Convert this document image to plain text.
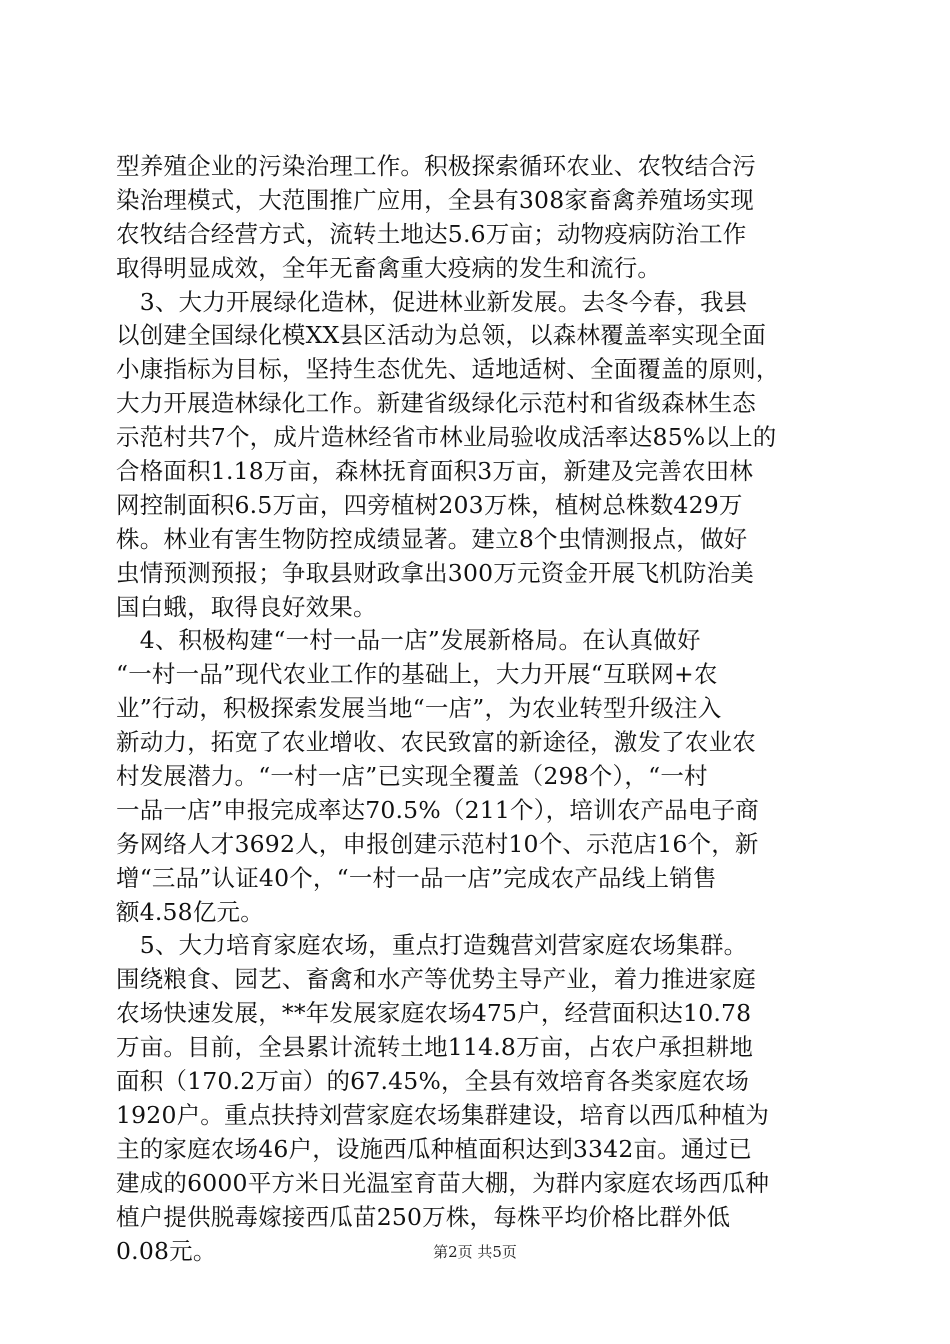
型养殖企业的污染治理工作。积极探索循环农业、农牧结合污
染治理模式，大范围推广应用，全县有308家畜禽养殖场实现
农牧结合经营方式，流转土地达5.6万亩；动物疫病防治工作
取得明显成效，全年无畜禽重大疫病的发生和流行。
　3、大力开展绿化造林，促进林业新发展。去冬今春，我县
以创建全国绿化模XX县区活动为总领，以森林覆盖率实现全面
小康指标为目标，坚持生态优先、适地适树、全面覆盖的原则，
大力开展造林绿化工作。新建省级绿化示范村和省级森林生态
示范村共7个，成片造林经省市林业局验收成活率达85%以上的
合格面积1.18万亩，森林抚育面积3万亩，新建及完善农田林
网控制面积6.5万亩，四旁植树203万株，植树总株数429万
株。林业有害生物防控成绩显著。建立8个虫情测报点，做好
虫情预测预报；争取县财政拿出300万元资金开展飞机防治美
国白蛾，取得良好效果。
　4、积极构建“一村一品一店”发展新格局。在认真做好
“一村一品”现代农业工作的基础上，大力开展“互联网+农
业”行动，积极探索发展当地“一店”，为农业转型升级注入
新动力，拓宽了农业增收、农民致富的新途径，激发了农业农
村发展潜力。“一村一店”已实现全覆盖（298个），“一村
一品一店”申报完成率达70.5%（211个），培训农产品电子商
务网络人才3692人，申报创建示范村10个、示范店16个，新
增“三品”认证40个，“一村一品一店”完成农产品线上销售
额4.58亿元。
　5、大力培育家庭农场，重点打造魏营刘营家庭农场集群。
围绕粮食、园艺、畜禽和水产等优势主导产业，着力推进家庭
农场快速发展，**年发展家庭农场475户，经营面积达10.78
万亩。目前，全县累计流转土地114.8万亩，占农户承担耕地
面积（170.2万亩）的67.45%，全县有效培育各类家庭农场
1920户。重点扶持刘营家庭农场集群建设，培育以西瓜种植为
主的家庭农场46户，设施西瓜种植面积达到3342亩。通过已
建成的6000平方米日光温室育苗大棚，为群内家庭农场西瓜种
植户提供脱毒嫁接西瓜苗250万株，每株平均价格比群外低
0.08元。	第2页 共5页
